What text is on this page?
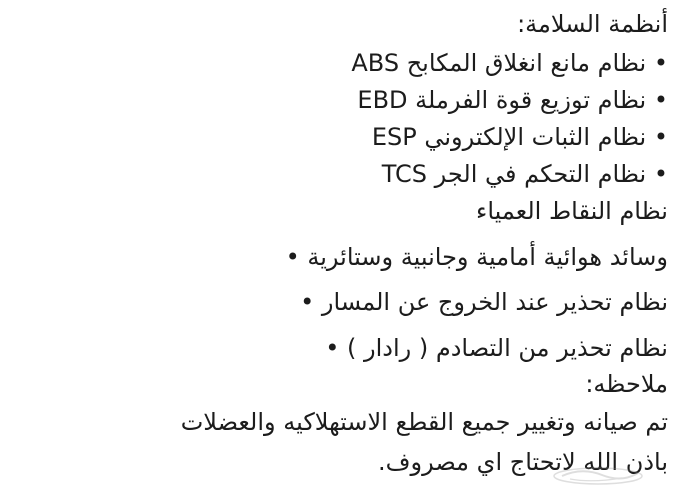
أنظمة السلامة:
ABS نظام مانع انغلاق المكابح •
EBD نظام توزيع قوة الفرملة •
ESP نظام الثبات الإلكتروني •
TCS نظام التحكم في الجر •
نظام النقاط العمياء
وسائد هوائية أمامية وجانبية وستائرية •
نظام تحذير عند الخروج عن المسار •
نظام تحذير من التصادم ( رادار ) •
ملاحظه:
تم صيانه وتغيير جميع القطع الاستهلاكيه والعضلات
باذن الله لاتحتاج اي مصروف.
